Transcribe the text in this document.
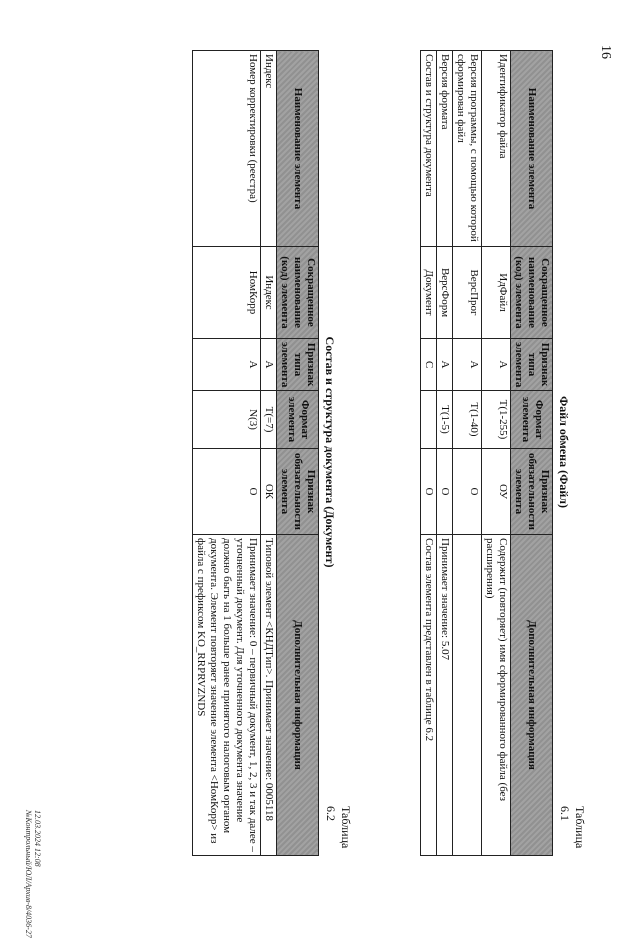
16
Таблица 6.1
Файл обмена (Файл)
Наименование элемента	Сокращенное наименование (код) элемента	Признак типа элемента	Формат элемента	Признак обязательности элемента	Дополнительная информация
Идентификатор файла	ИдФайл	А	T(1-255)	ОУ	Содержит (повторяет) имя сформированного файла (без расширения)
Версия программы, с помощью которой сформирован файл	ВерсПрог	А	T(1-40)	О	
Версия формата	ВерсФорм	А	T(1-5)	О	Принимает значение: 5.07
Состав и структура документа	Документ	С		О	Состав элемента представлен в таблице 6.2
Таблица 6.2
Состав и структура документа (Документ)
Наименование элемента	Сокращенное наименование (код) элемента	Признак типа элемента	Формат элемента	Признак обязательности элемента	Дополнительная информация
Индекс	Индекс	А	T(=7)	ОК	Типовой элемент <КНДТип>. Принимает значение: 0005118
Номер корректировки (реестра)	НомКорр	А	N(3)	О	Принимает значение: 0 – первичный документ, 1, 2, 3 и так далее – уточненный документ. Для уточненного документа значение должно быть на 1 больше ранее принятого налоговым органом документа. Элемент повторяет значение элемента <НомКорр> из файла с префиксом KO_RRPRVZNDS
12.03.2024 12:08
№Контрольный/ЮЛ/Архив-8/4036-27
